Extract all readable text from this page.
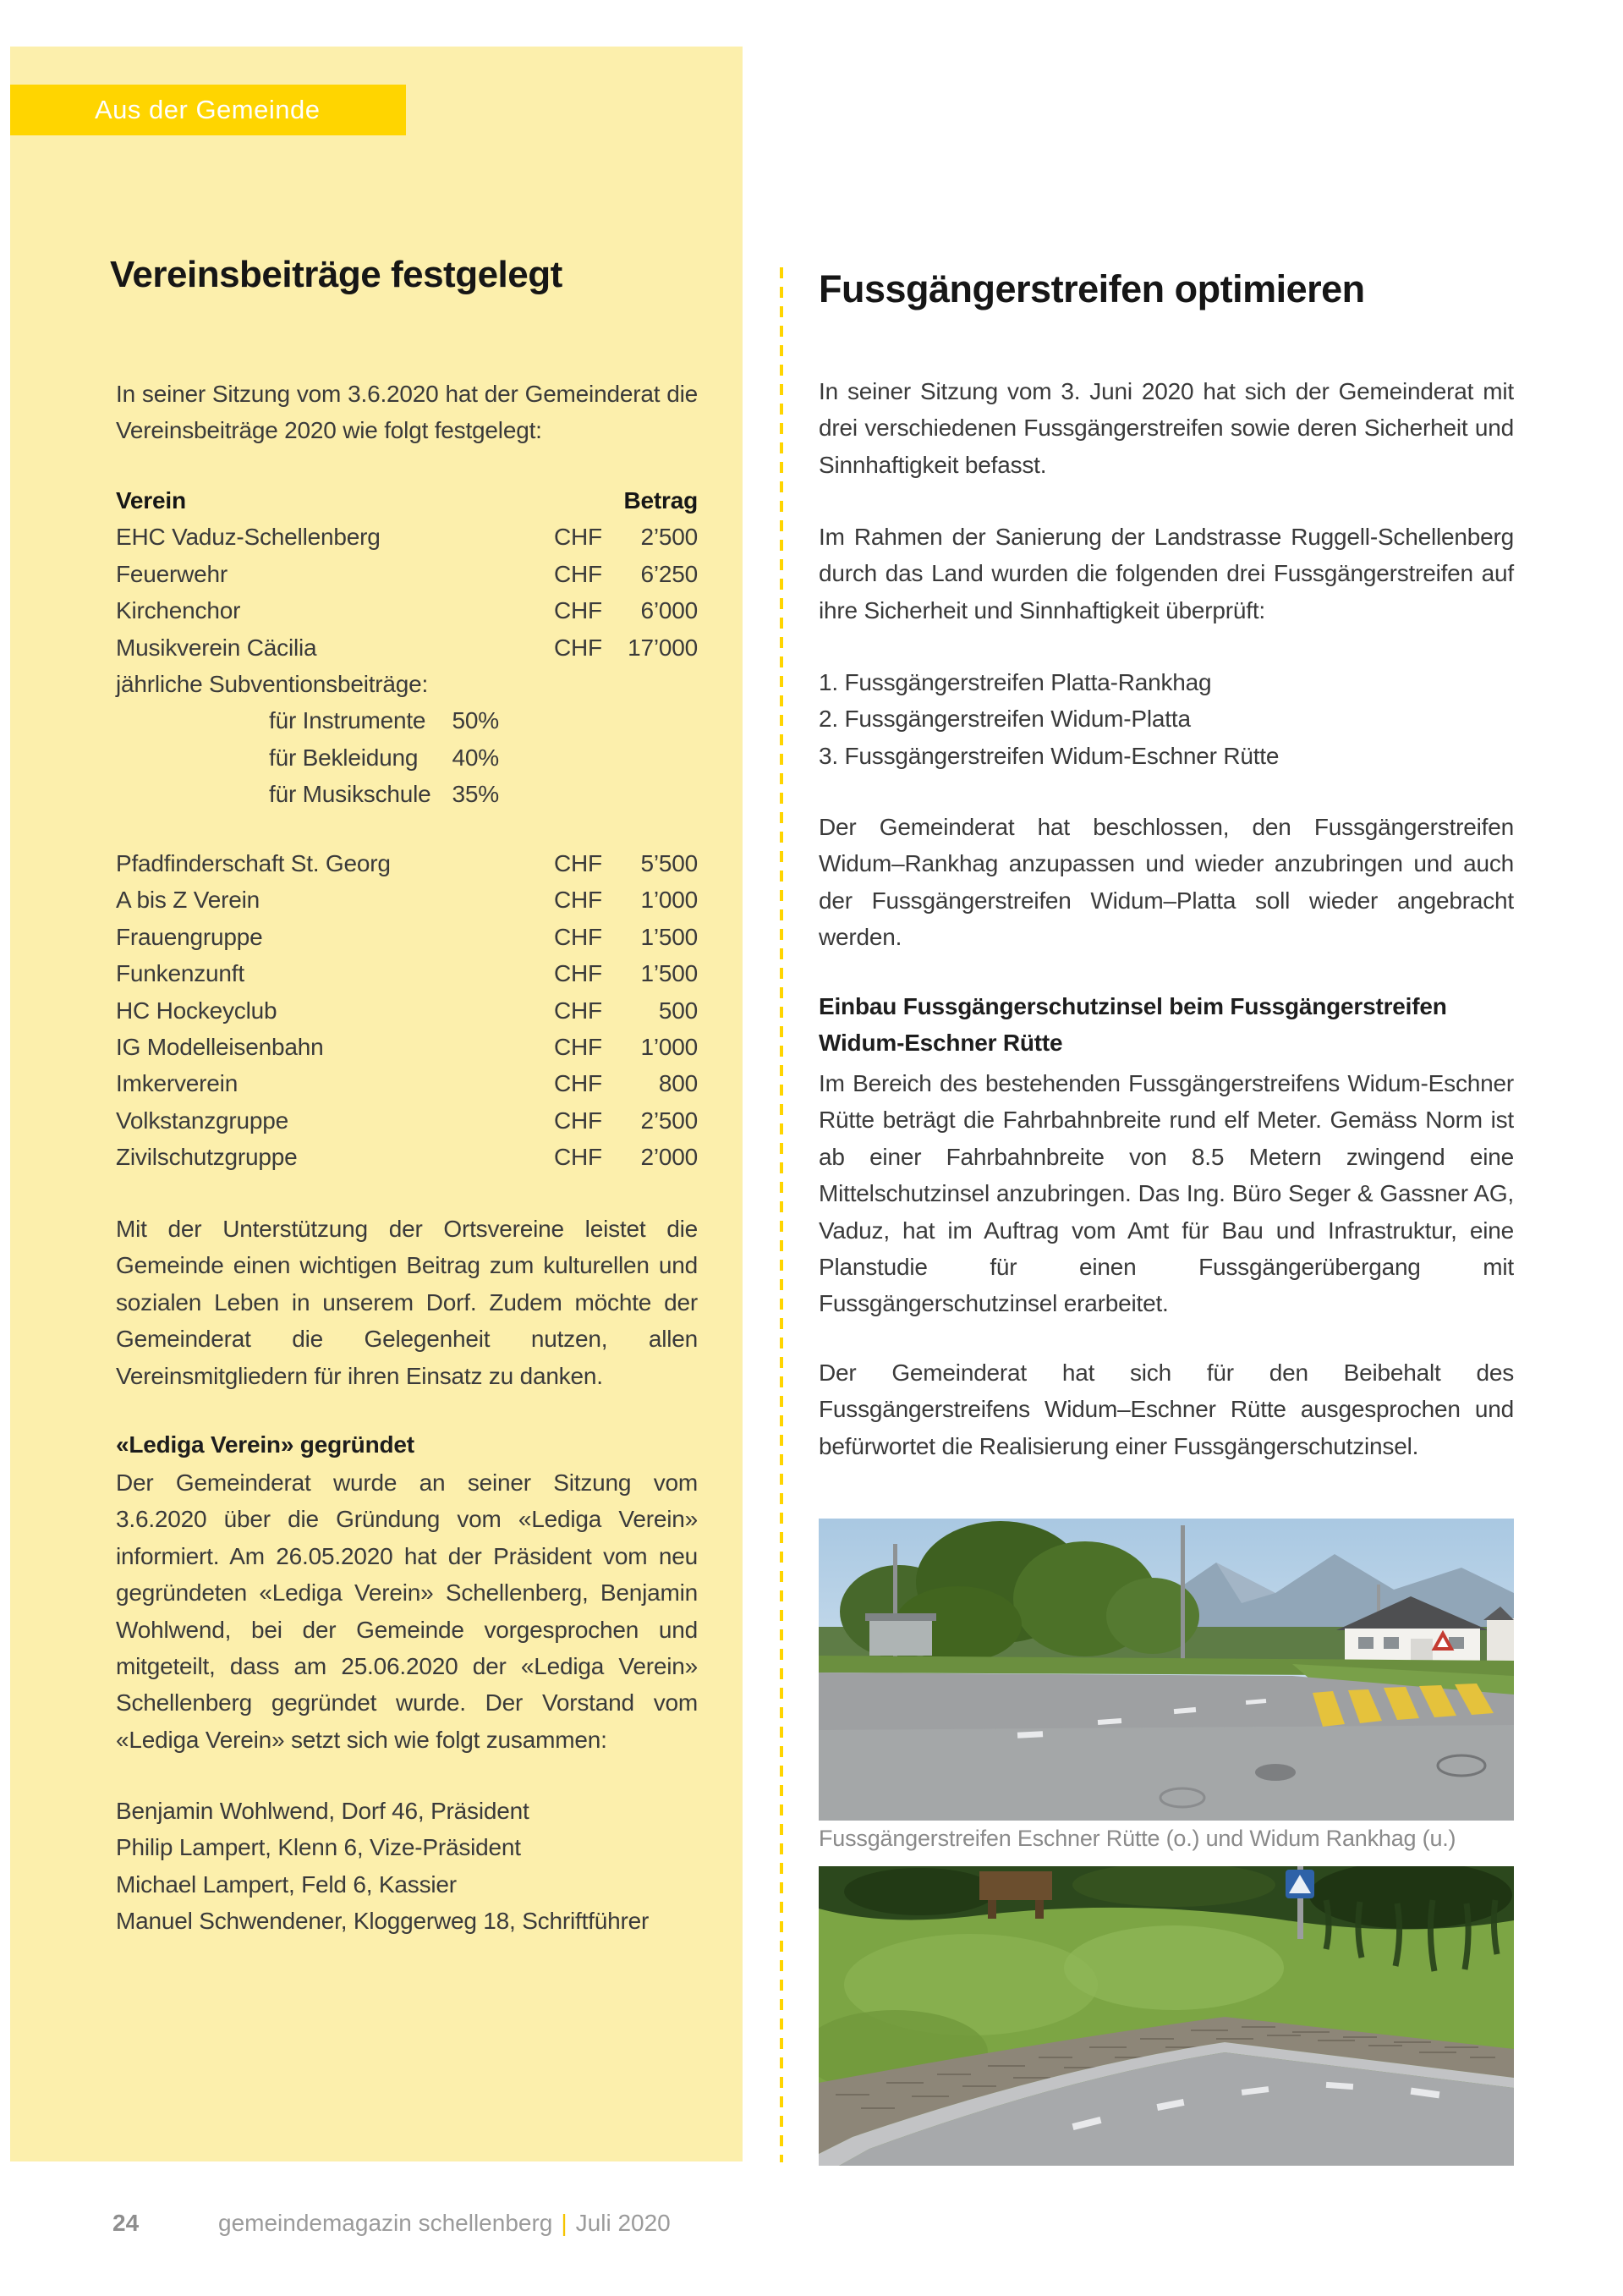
Aus der Gemeinde
Vereinsbeiträge festgelegt
In seiner Sitzung vom 3.6.2020 hat der Gemeinderat die Vereinsbeiträge 2020 wie folgt festgelegt:
Verein	Betrag
EHC Vaduz-Schellenberg	CHF	2’500
Feuerwehr	CHF	6’250
Kirchenchor	CHF	6’000
Musikverein Cäcilia	CHF	17’000
jährliche Subventionsbeiträge:
für Instrumente 50%
für Bekleidung 40%
für Musikschule 35%
Pfadfinderschaft St. Georg	CHF	5’500
A bis Z Verein	CHF	1’000
Frauengruppe	CHF	1’500
Funkenzunft	CHF	1’500
HC Hockeyclub	CHF	500
IG Modelleisenbahn	CHF	1’000
Imkerverein	CHF	800
Volkstanzgruppe	CHF	2’500
Zivilschutzgruppe	CHF	2’000
Mit der Unterstützung der Ortsvereine leistet die Gemeinde einen wichtigen Beitrag zum kulturellen und sozialen Leben in unserem Dorf. Zudem möchte der Gemeinderat die Gelegenheit nutzen, allen Vereinsmitgliedern für ihren Einsatz zu danken.
«Lediga Verein» gegründet
Der Gemeinderat wurde an seiner Sitzung vom 3.6.2020 über die Gründung vom «Lediga Verein» informiert. Am 26.05.2020 hat der Präsident vom neu gegründeten «Lediga Verein» Schellenberg, Benjamin Wohlwend, bei der Gemeinde vorgesprochen und mitgeteilt, dass am 25.06.2020 der «Lediga Verein» Schellenberg gegründet wurde. Der Vorstand vom «Lediga Verein» setzt sich wie folgt zusammen:
Benjamin Wohlwend, Dorf 46, Präsident
Philip Lampert, Klenn 6, Vize-Präsident
Michael Lampert, Feld 6, Kassier
Manuel Schwendener, Kloggerweg 18, Schriftführer
Fussgängerstreifen optimieren
In seiner Sitzung vom 3. Juni 2020 hat sich der Gemeinderat mit drei verschiedenen Fussgängerstreifen sowie deren Sicherheit und Sinnhaftigkeit befasst.
Im Rahmen der Sanierung der Landstrasse Ruggell-Schellenberg durch das Land wurden die folgenden drei Fussgängerstreifen auf ihre Sicherheit und Sinnhaftigkeit überprüft:
1. Fussgängerstreifen Platta-Rankhag
2. Fussgängerstreifen Widum-Platta
3. Fussgängerstreifen Widum-Eschner Rütte
Der Gemeinderat hat beschlossen, den Fussgängerstreifen Widum–Rankhag anzupassen und wieder anzubringen und auch der Fussgängerstreifen Widum–Platta soll wieder angebracht werden.
Einbau Fussgängerschutzinsel beim Fussgängerstreifen Widum-Eschner Rütte
Im Bereich des bestehenden Fussgängerstreifens Widum-Eschner Rütte beträgt die Fahrbahnbreite rund elf Meter. Gemäss Norm ist ab einer Fahrbahnbreite von 8.5 Metern zwingend eine Mittelschutzinsel anzubringen. Das Ing. Büro Seger & Gassner AG, Vaduz, hat im Auftrag vom Amt für Bau und Infrastruktur, eine Planstudie für einen Fussgängerübergang mit Fussgängerschutzinsel erarbeitet.
Der Gemeinderat hat sich für den Beibehalt des Fussgängerstreifens Widum–Eschner Rütte ausgesprochen und befürwortet die Realisierung einer Fussgängerschutzinsel.
Fussgängerstreifen Eschner Rütte (o.) und Widum Rankhag (u.)
24	gemeindemagazin schellenberg | Juli 2020
